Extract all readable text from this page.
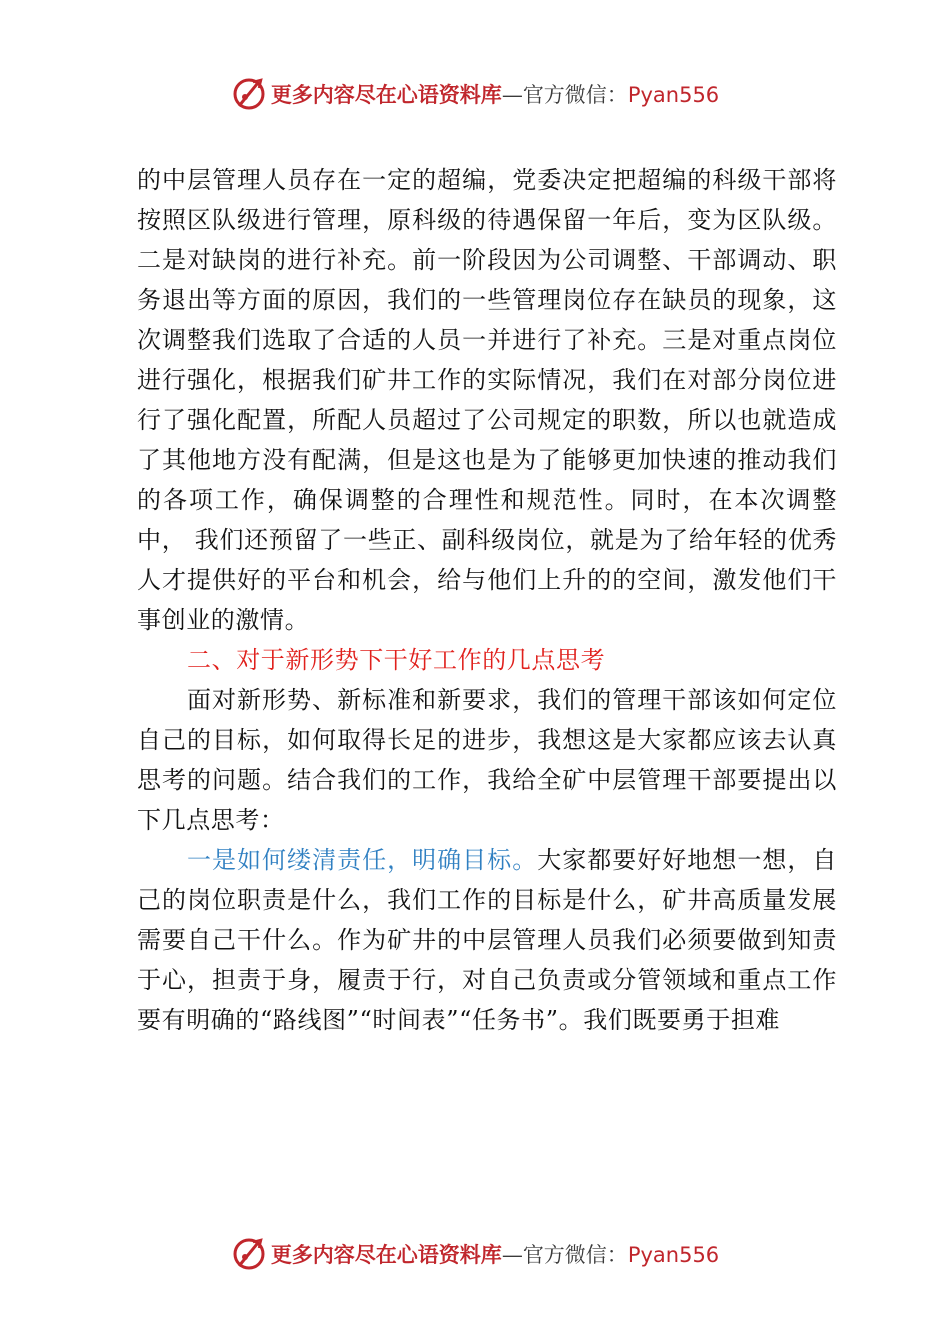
更多内容尽在心语资料库—官方微信：Pyan556

的中层管理人员存在一定的超编，党委决定把超编的科级干部将按照区队级进行管理，原科级的待遇保留一年后，变为区队级。二是对缺岗的进行补充。前一阶段因为公司调整、干部调动、职务退出等方面的原因，我们的一些管理岗位存在缺员的现象，这次调整我们选取了合适的人员一并进行了补充。三是对重点岗位进行强化，根据我们矿井工作的实际情况，我们在对部分岗位进行了强化配置，所配人员超过了公司规定的职数，所以也就造成了其他地方没有配满，但是这也是为了能够更加快速的推动我们的各项工作，确保调整的合理性和规范性。同时，在本次调整中， 我们还预留了一些正、副科级岗位，就是为了给年轻的优秀人才提供好的平台和机会，给与他们上升的的空间，激发他们干事创业的激情。

二、对于新形势下干好工作的几点思考

面对新形势、新标准和新要求，我们的管理干部该如何定位自己的目标，如何取得长足的进步，我想这是大家都应该去认真思考的问题。结合我们的工作，我给全矿中层管理干部要提出以下几点思考：

一是如何缕清责任，明确目标。大家都要好好地想一想，自己的岗位职责是什么，我们工作的目标是什么，矿井高质量发展需要自己干什么。作为矿井的中层管理人员我们必须要做到知责于心，担责于身，履责于行，对自己负责或分管领域和重点工作要有明确的“路线图”“时间表”“任务书”。我们既要勇于担难

更多内容尽在心语资料库—官方微信：Pyan556
